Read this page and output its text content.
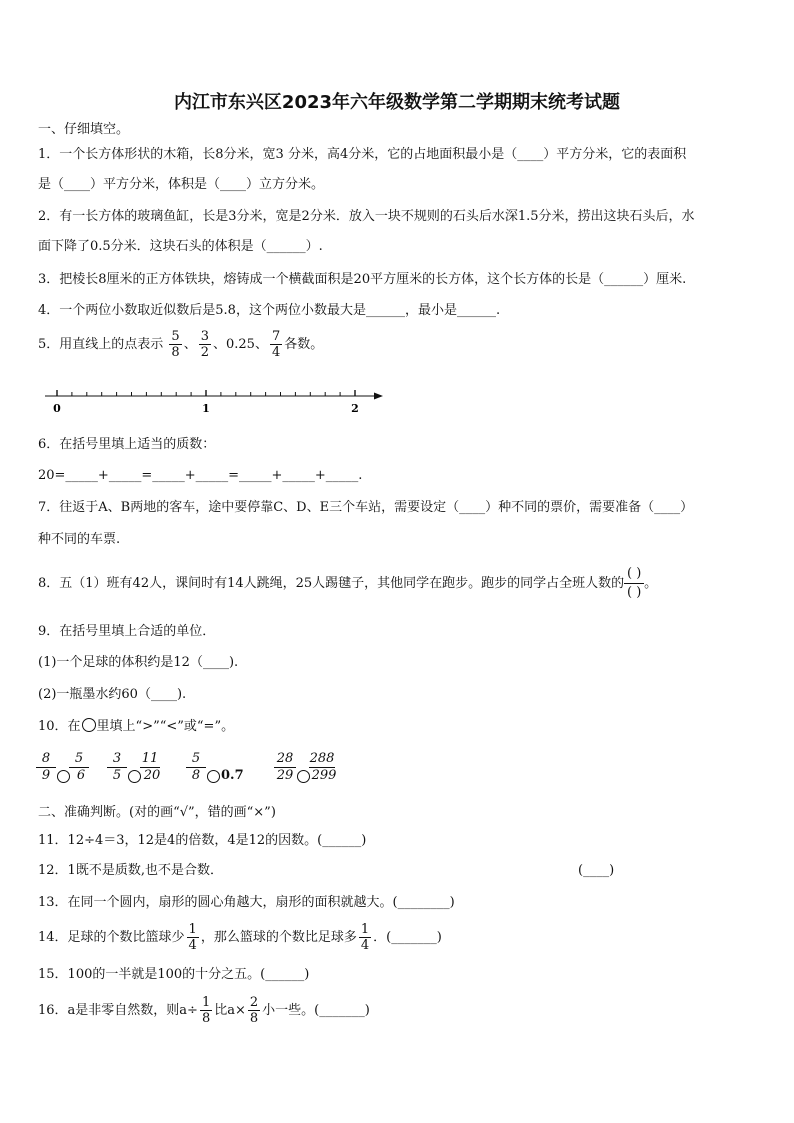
内江市东兴区2023年六年级数学第二学期期末统考试题
一、仔细填空。
1．一个长方体形状的木箱，长8分米，宽3 分米，高4分米，它的占地面积最小是（____）平方分米，它的表面积
是（____）平方分米，体积是（____）立方分米。
2．有一长方体的玻璃鱼缸，长是3分米，宽是2分米．放入一块不规则的石头后水深1.5分米，捞出这块石头后，水
面下降了0.5分米．这块石头的体积是（______）.
3．把棱长8厘米的正方体铁块，熔铸成一个横截面积是20平方厘米的长方体，这个长方体的长是（______）厘米.
4．一个两位小数取近似数后是5.8，这个两位小数最大是______，最小是______.
5．用直线上的点表示 $\frac{5}{8}$ 、 $\frac{3}{2}$ 、0.25、 $\frac{7}{4}$ 各数。
0	1	2
6．在括号里填上适当的质数：
20=_____+_____=_____+_____=_____+_____+_____.
7．往返于A、B两地的客车，途中要停靠C、D、E三个车站，需要设定（____）种不同的票价，需要准备（____）
种不同的车票.
8．五（1）班有42人，课间时有14人跳绳，25人踢毽子，其他同学在跑步。跑步的同学占全班人数的
( )
( )
。
9．在括号里填上合适的单位．
(1)一个足球的体积约是12（____).
(2)一瓶墨水约60（____).
10．在 里填上“>”“<”或“=”。
8	5
9	6
3	11
5	20
5
8	0.7
28 288
29 299
二、准确判断。(对的画“√”，错的画“×”)
11．12÷4＝3，12是4的倍数，4是12的因数。(______)
12．1既不是质数,也不是合数．	(____)
13．在同一个圆内，扇形的圆心角越大，扇形的面积就越大。(________)
14．足球的个数比篮球少 $\frac{1}{4}$ ，那么篮球的个数比足球多 $\frac{1}{4}$ ．(_______)
15．100的一半就是100的十分之五。(______)
16．a是非零自然数，则$a\div \frac{1}{8}$ 比$a\times \frac{2}{8}$ 小一些。(_______)
